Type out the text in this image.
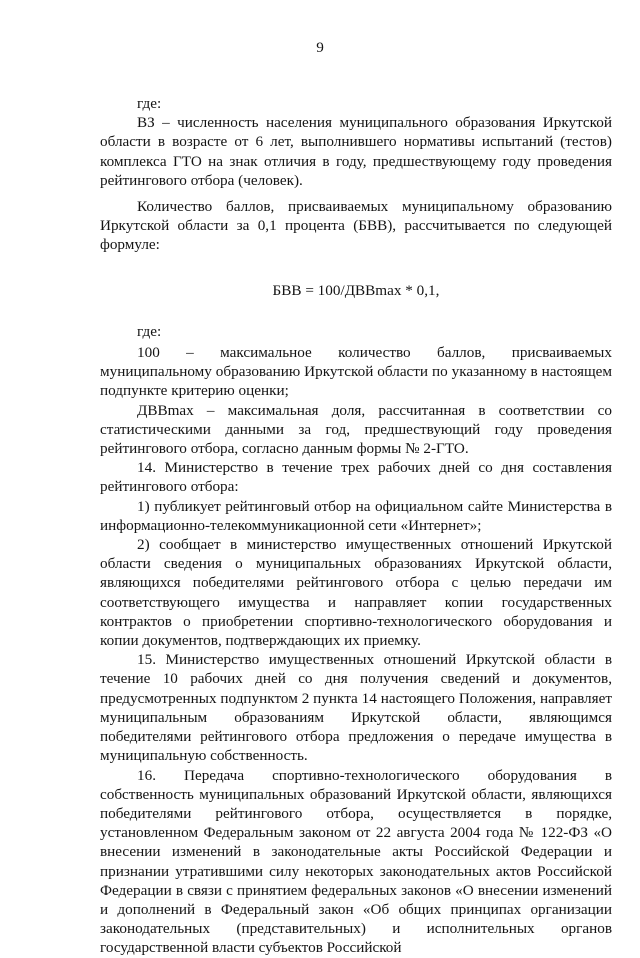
9

где:

ВЗ – численность населения муниципального образования Иркутской области в возрасте от 6 лет, выполнившего нормативы испытаний (тестов) комплекса ГТО на знак отличия в году, предшествующему году проведения рейтингового отбора (человек).

Количество баллов, присваиваемых муниципальному образованию Иркутской области за 0,1 процента (БВВ), рассчитывается по следующей формуле:

БВВ = 100/ДВВmax * 0,1,

где:

100 – максимальное количество баллов, присваиваемых муниципальному образованию Иркутской области по указанному в настоящем подпункте критерию оценки;

ДВВmax – максимальная доля, рассчитанная в соответствии со статистическими данными за год, предшествующий году проведения рейтингового отбора, согласно данным формы № 2-ГТО.

14. Министерство в течение трех рабочих дней со дня составления рейтингового отбора:

1) публикует рейтинговый отбор на официальном сайте Министерства в информационно-телекоммуникационной сети «Интернет»;

2) сообщает в министерство имущественных отношений Иркутской области сведения о муниципальных образованиях Иркутской области, являющихся победителями рейтингового отбора с целью передачи им соответствующего имущества и направляет копии государственных контрактов о приобретении спортивно-технологического оборудования и копии документов, подтверждающих их приемку.

15. Министерство имущественных отношений Иркутской области в течение 10 рабочих дней со дня получения сведений и документов, предусмотренных подпунктом 2 пункта 14 настоящего Положения, направляет муниципальным образованиям Иркутской области, являющимся победителями рейтингового отбора предложения о передаче имущества в муниципальную собственность.

16. Передача спортивно-технологического оборудования в собственность муниципальных образований Иркутской области, являющихся победителями рейтингового отбора, осуществляется в порядке, установленном Федеральным законом от 22 августа 2004 года № 122-ФЗ «О внесении изменений в законодательные акты Российской Федерации и признании утратившими силу некоторых законодательных актов Российской Федерации в связи с принятием федеральных законов «О внесении изменений и дополнений в Федеральный закон «Об общих принципах организации законодательных (представительных) и исполнительных органов государственной власти субъектов Российской
